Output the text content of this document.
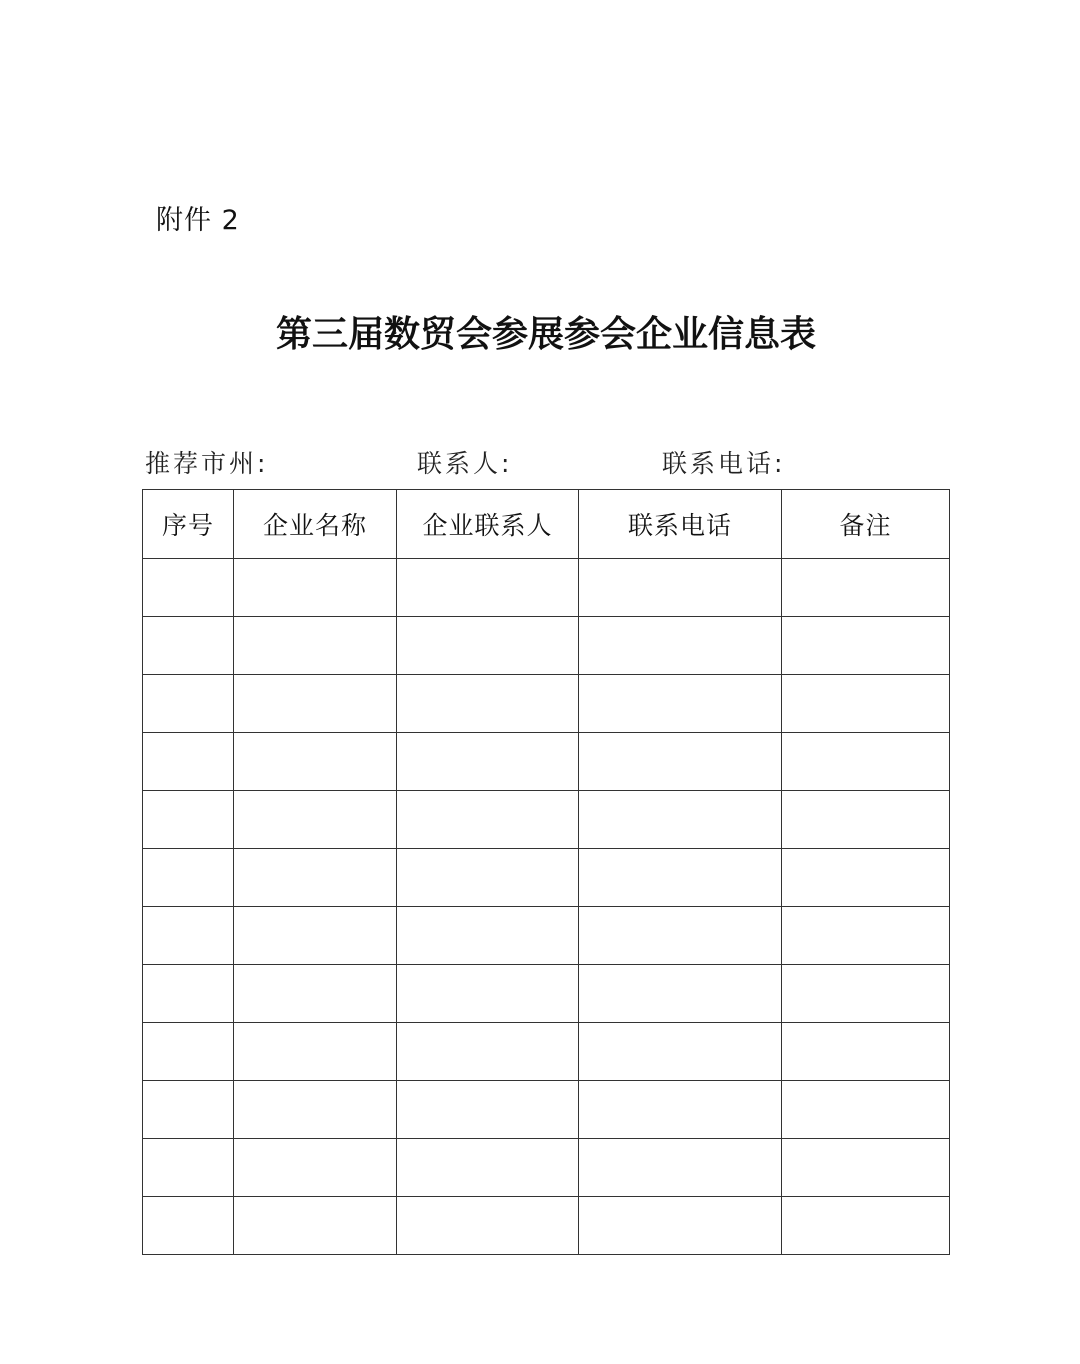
附件 2
第三届数贸会参展参会企业信息表
推荐市州:	联系人:	联系电话:
序号	企业名称	企业联系人	联系电话	备注
